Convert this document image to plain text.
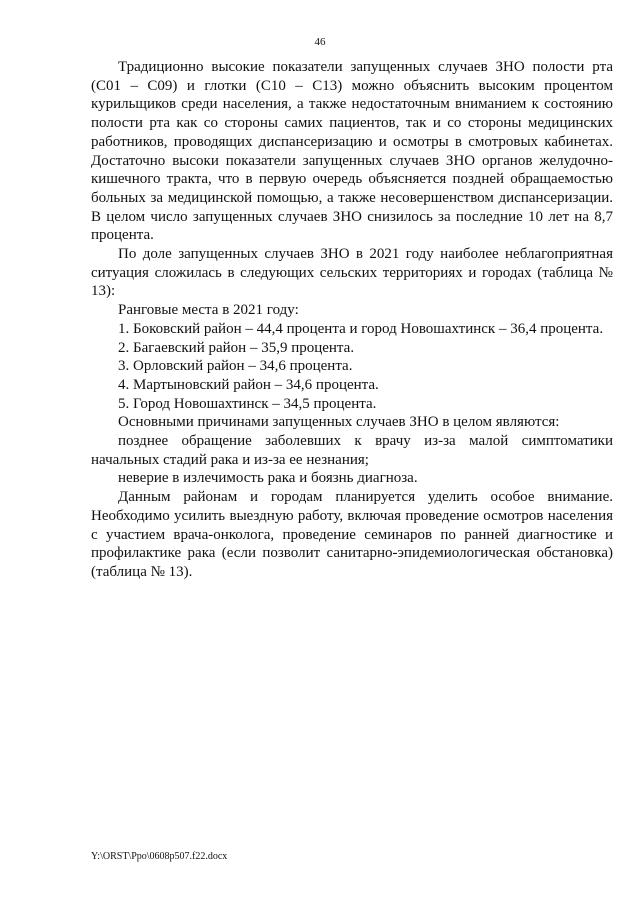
46

Традиционно высокие показатели запущенных случаев ЗНО полости рта (С01 – С09) и глотки (С10 – С13) можно объяснить высоким процентом курильщиков среди населения, а также недостаточным вниманием к состоянию полости рта как со стороны самих пациентов, так и со стороны медицинских работников, проводящих диспансеризацию и осмотры в смотровых кабинетах. Достаточно высоки показатели запущенных случаев ЗНО органов желудочно-кишечного тракта, что в первую очередь объясняется поздней обращаемостью больных за медицинской помощью, а также несовершенством диспансеризации. В целом число запущенных случаев ЗНО снизилось за последние 10 лет на 8,7 процента.

По доле запущенных случаев ЗНО в 2021 году наиболее неблагоприятная ситуация сложилась в следующих сельских территориях и городах (таблица № 13):

Ранговые места в 2021 году:

1. Боковский район – 44,4 процента и город Новошахтинск – 36,4 процента.

2. Багаевский район – 35,9 процента.

3. Орловский район – 34,6 процента.

4. Мартыновский район – 34,6 процента.

5. Город Новошахтинск – 34,5 процента.

Основными причинами запущенных случаев ЗНО в целом являются:

позднее обращение заболевших к врачу из-за малой симптоматики начальных стадий рака и из-за ее незнания;

неверие в излечимость рака и боязнь диагноза.

Данным районам и городам планируется уделить особое внимание. Необходимо усилить выездную работу, включая проведение осмотров населения с участием врача-онколога, проведение семинаров по ранней диагностике и профилактике рака (если позволит санитарно-эпидемиологическая обстановка) (таблица № 13).

Y:\ORST\Ppo\0608p507.f22.docx
